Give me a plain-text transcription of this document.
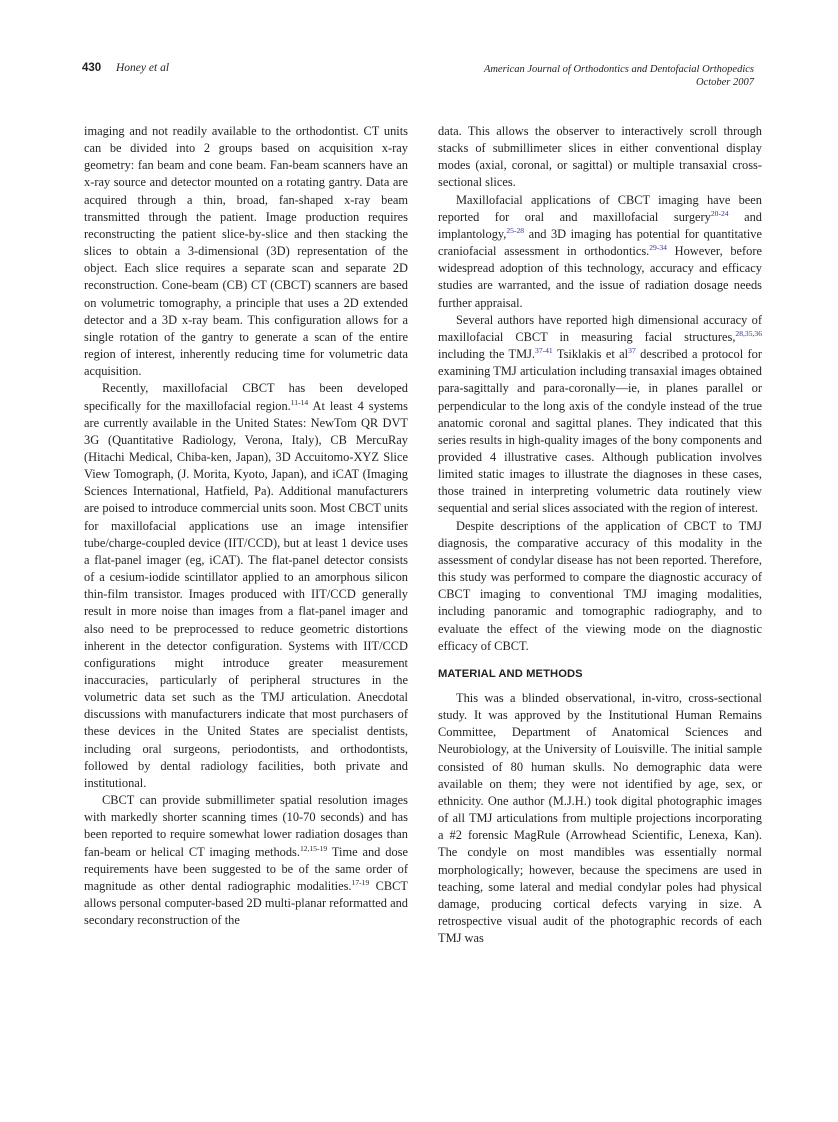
430 Honey et al	American Journal of Orthodontics and Dentofacial Orthopedics
October 2007

imaging and not readily available to the orthodontist. CT units can be divided into 2 groups based on acquisition x-ray geometry: fan beam and cone beam. Fan-beam scanners have an x-ray source and detector mounted on a rotating gantry. Data are acquired through a thin, broad, fan-shaped x-ray beam transmitted through the patient. Image production requires reconstructing the patient slice-by-slice and then stacking the slices to obtain a 3-dimensional (3D) representation of the object. Each slice requires a separate scan and separate 2D reconstruction. Cone-beam (CB) CT (CBCT) scanners are based on volumetric tomography, a principle that uses a 2D extended detector and a 3D x-ray beam. This configuration allows for a single rotation of the gantry to generate a scan of the entire region of interest, inherently reducing time for volumetric data acquisition.

Recently, maxillofacial CBCT has been developed specifically for the maxillofacial region.$^{11-14}$ At least 4 systems are currently available in the United States: NewTom QR DVT 3G (Quantitative Radiology, Verona, Italy), CB MercuRay (Hitachi Medical, Chiba-ken, Japan), 3D Accuitomo-XYZ Slice View Tomograph, (J. Morita, Kyoto, Japan), and iCAT (Imaging Sciences International, Hatfield, Pa). Additional manufacturers are poised to introduce commercial units soon. Most CBCT units for maxillofacial applications use an image intensifier tube/charge-coupled device (IIT/CCD), but at least 1 device uses a flat-panel imager (eg, iCAT). The flat-panel detector consists of a cesium-iodide scintillator applied to an amorphous silicon thin-film transistor. Images produced with IIT/CCD generally result in more noise than images from a flat-panel imager and also need to be preprocessed to reduce geometric distortions inherent in the detector configuration. Systems with IIT/CCD configurations might introduce greater measurement inaccuracies, particularly of peripheral structures in the volumetric data set such as the TMJ articulation. Anecdotal discussions with manufacturers indicate that most purchasers of these devices in the United States are specialist dentists, including oral surgeons, periodontists, and orthodontists, followed by dental radiology facilities, both private and institutional.

CBCT can provide submillimeter spatial resolution images with markedly shorter scanning times (10-70 seconds) and has been reported to require somewhat lower radiation dosages than fan-beam or helical CT imaging methods.$^{12,15-19}$ Time and dose requirements have been suggested to be of the same order of magnitude as other dental radiographic modalities.$^{17-19}$ CBCT allows personal computer-based 2D multi-planar reformatted and secondary reconstruction of the

data. This allows the observer to interactively scroll through stacks of submillimeter slices in either conventional display modes (axial, coronal, or sagittal) or multiple transaxial cross-sectional slices.

Maxillofacial applications of CBCT imaging have been reported for oral and maxillofacial surgery$^{20-24}$ and implantology,$^{25-28}$ and 3D imaging has potential for quantitative craniofacial assessment in orthodontics.$^{29-34}$ However, before widespread adoption of this technology, accuracy and efficacy studies are warranted, and the issue of radiation dosage needs further appraisal.

Several authors have reported high dimensional accuracy of maxillofacial CBCT in measuring facial structures,$^{28,35,36}$ including the TMJ.$^{37-41}$ Tsiklakis et $al^{37}$ described a protocol for examining TMJ articulation including transaxial images obtained para-sagittally and para-coronally—ie, in planes parallel or perpendicular to the long axis of the condyle instead of the true anatomic coronal and sagittal planes. They indicated that this series results in high-quality images of the bony components and provided 4 illustrative cases. Although publication involves limited static images to illustrate the diagnoses in these cases, those trained in interpreting volumetric data routinely view sequential and serial slices associated with the region of interest.

Despite descriptions of the application of CBCT to TMJ diagnosis, the comparative accuracy of this modality in the assessment of condylar disease has not been reported. Therefore, this study was performed to compare the diagnostic accuracy of CBCT imaging to conventional TMJ imaging modalities, including panoramic and tomographic radiography, and to evaluate the effect of the viewing mode on the diagnostic efficacy of CBCT.

MATERIAL AND METHODS

This was a blinded observational, in-vitro, cross-sectional study. It was approved by the Institutional Human Remains Committee, Department of Anatomical Sciences and Neurobiology, at the University of Louisville. The initial sample consisted of 80 human skulls. No demographic data were available on them; they were not identified by age, sex, or ethnicity. One author (M.J.H.) took digital photographic images of all TMJ articulations from multiple projections incorporating a #2 forensic MagRule (Arrowhead Scientific, Lenexa, Kan). The condyle on most mandibles was essentially normal morphologically; however, because the specimens are used in teaching, some lateral and medial condylar poles had physical damage, producing cortical defects varying in size. A retrospective visual audit of the photographic records of each TMJ was
